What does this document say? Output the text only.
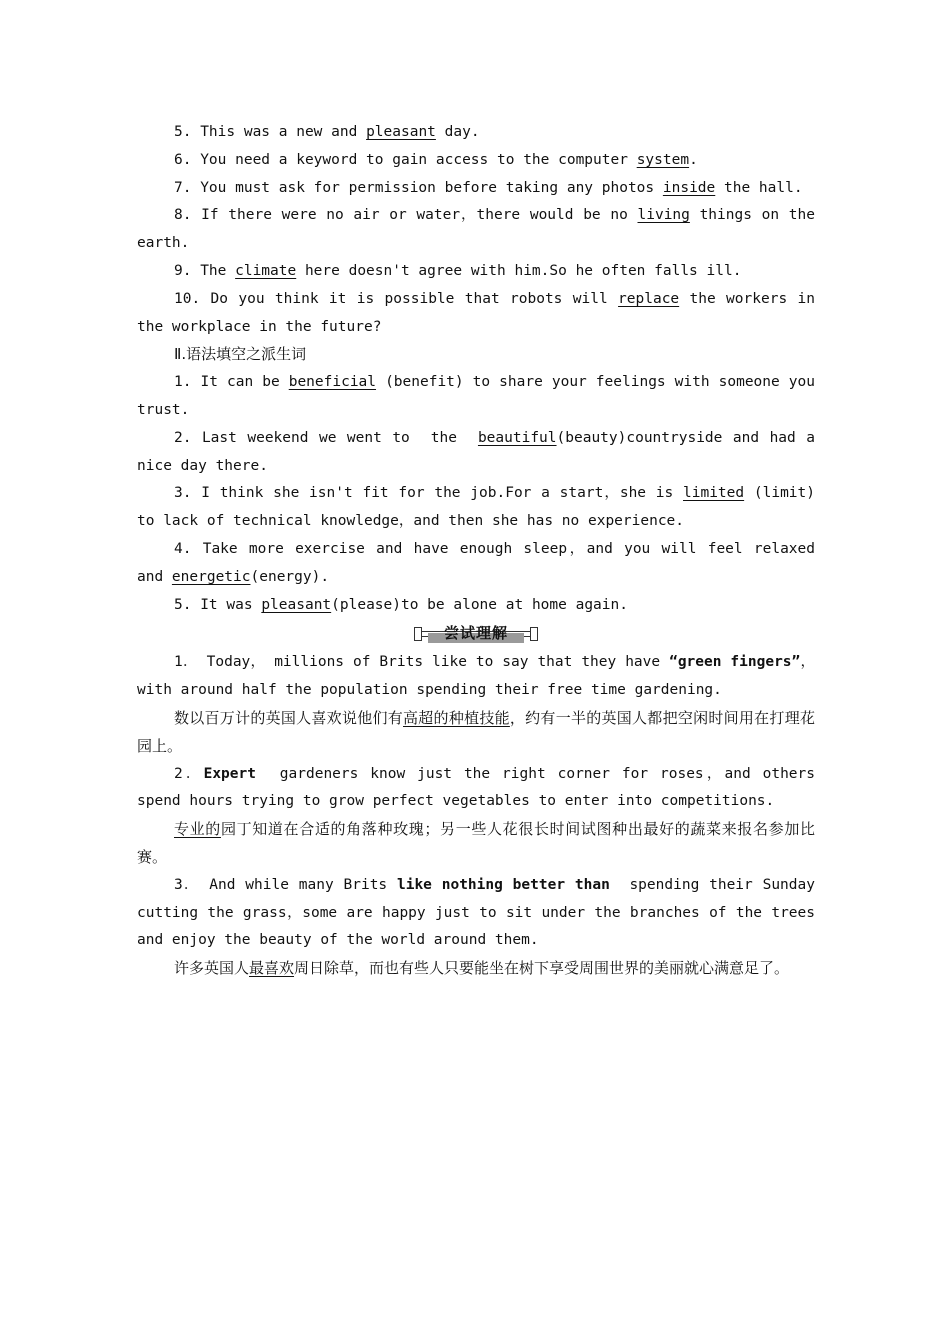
5. This was a new and pleasant day.

6. You need a keyword to gain access to the computer system.

7. You must ask for permission before taking any photos inside the hall.

8. If there were no air or water，there would be no living things on the earth.

9. The climate here doesn't agree with him.So he often falls ill.

10. Do you think it is possible that robots will replace the workers in the workplace in the future?

Ⅱ.语法填空之派生词

1. It can be beneficial (benefit) to share your feelings with someone you trust.

2. Last weekend we went to  the  beautiful(beauty)countryside and had a nice day there.

3. I think she isn't fit for the job.For a start，she is limited (limit) to lack of technical knowledge，and then she has no experience.

4. Take more exercise and have enough sleep，and you will feel relaxed and energetic(energy).

5. It was pleasant(please)to be alone at home again.

尝试理解

1． Today， millions of Brits like to say that they have “green fingers”，with around half the population spending their free time gardening.

数以百万计的英国人喜欢说他们有高超的种植技能，约有一半的英国人都把空闲时间用在打理花园上。

2．Expert  gardeners know just the right corner for roses，and others spend hours trying to grow perfect vegetables to enter into competitions.

专业的园丁知道在合适的角落种玫瑰；另一些人花很长时间试图种出最好的蔬菜来报名参加比赛。

3． And while many Brits like nothing better than  spending their Sunday cutting the grass，some are happy just to sit under the branches of the trees and enjoy the beauty of the world around them.

许多英国人最喜欢周日除草，而也有些人只要能坐在树下享受周围世界的美丽就心满意足了。
